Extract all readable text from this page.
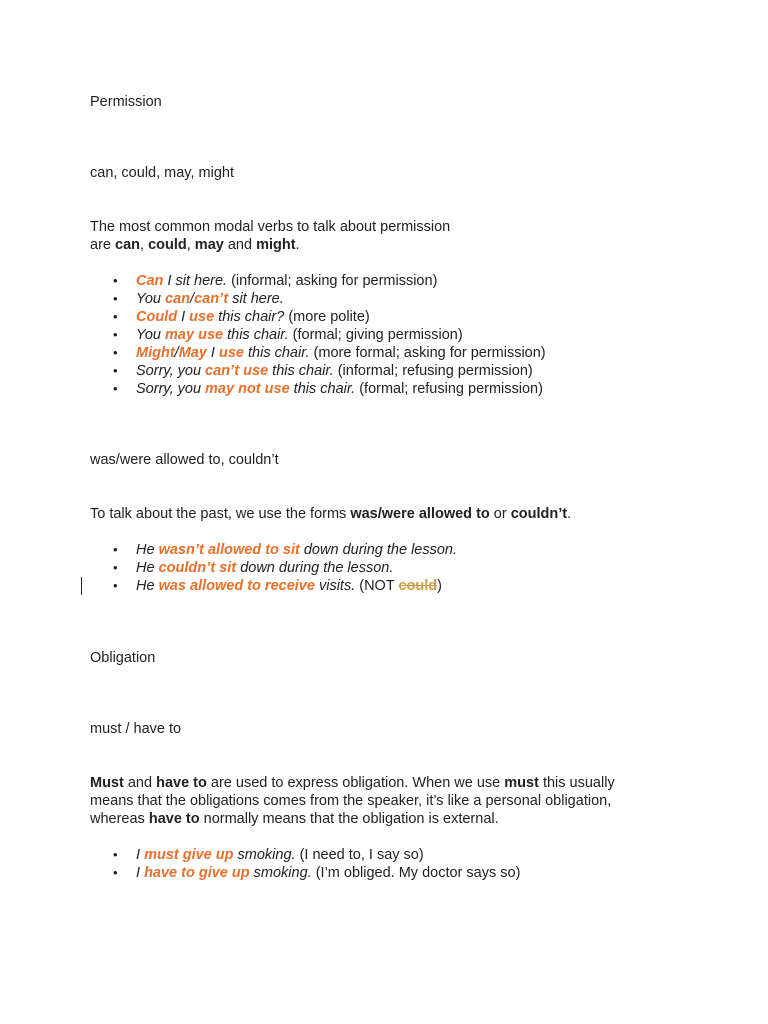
Permission

can, could, may, might

The most common modal verbs to talk about permission
are can, could, may and might.

• Can I sit here. (informal; asking for permission)
• You can/can’t sit here.
• Could I use this chair? (more polite)
• You may use this chair. (formal; giving permission)
• Might/May I use this chair. (more formal; asking for permission)
• Sorry, you can’t use this chair. (informal; refusing permission)
• Sorry, you may not use this chair. (formal; refusing permission)

was/were allowed to, couldn’t

To talk about the past, we use the forms was/were allowed to or couldn’t.

• He wasn’t allowed to sit down during the lesson.
• He couldn’t sit down during the lesson.
• He was allowed to receive visits. (NOT could)

Obligation

must / have to

Must and have to are used to express obligation. When we use must this usually
means that the obligations comes from the speaker, it’s like a personal obligation,
whereas have to normally means that the obligation is external.

• I must give up smoking. (I need to, I say so)
• I have to give up smoking. (I’m obliged. My doctor says so)
